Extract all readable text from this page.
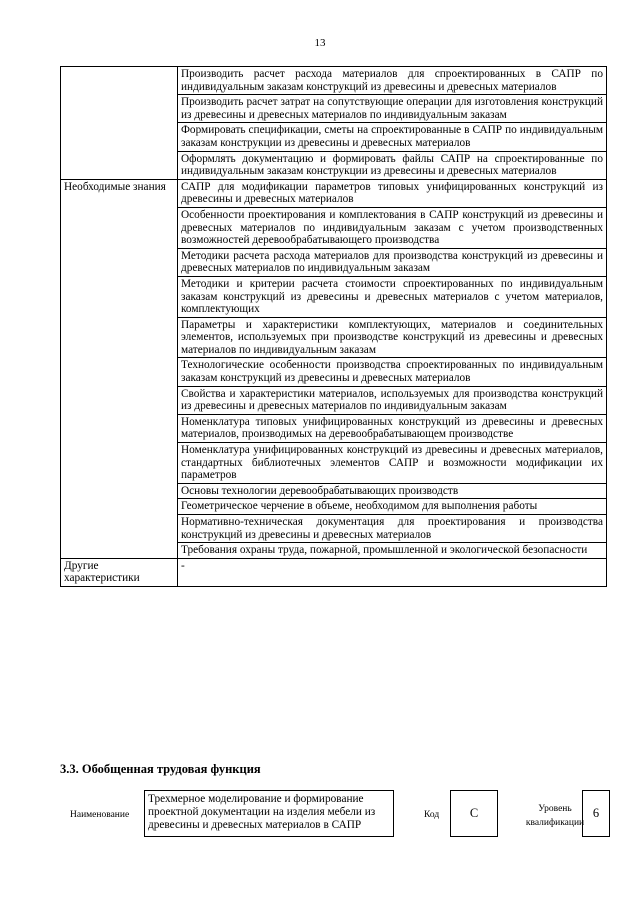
13
	Производить расчет расхода материалов для спроектированных в САПР по индивидуальным заказам конструкций из древесины и древесных материалов
	Производить расчет затрат на сопутствующие операции для изготовления конструкций из древесины и древесных материалов по индивидуальным заказам
	Формировать спецификации, сметы на спроектированные в САПР по индивидуальным заказам конструкции из древесины и древесных материалов
	Оформлять документацию и формировать файлы САПР на спроектированные по индивидуальным заказам конструкции из древесины и древесных материалов
Необходимые знания	САПР для модификации параметров типовых унифицированных конструкций из древесины и древесных материалов
	Особенности проектирования и комплектования в САПР конструкций из древесины и древесных материалов по индивидуальным заказам с учетом производственных возможностей деревообрабатывающего производства
	Методики расчета расхода материалов для производства конструкций из древесины и древесных материалов по индивидуальным заказам
	Методики и критерии расчета стоимости спроектированных по индивидуальным заказам конструкций из древесины и древесных материалов с учетом материалов, комплектующих
	Параметры и характеристики комплектующих, материалов и соединительных элементов, используемых при производстве конструкций из древесины и древесных материалов по индивидуальным заказам
	Технологические особенности производства спроектированных по индивидуальным заказам конструкций из древесины и древесных материалов
	Свойства и характеристики материалов, используемых для производства конструкций из древесины и древесных материалов по индивидуальным заказам
	Номенклатура типовых унифицированных конструкций из древесины и древесных материалов, производимых на деревообрабатывающем производстве
	Номенклатура унифицированных конструкций из древесины и древесных материалов, стандартных библиотечных элементов САПР и возможности модификации их параметров
	Основы технологии деревообрабатывающих производств
	Геометрическое черчение в объеме, необходимом для выполнения работы
	Нормативно-техническая документация для проектирования и производства конструкций из древесины и древесных материалов
	Требования охраны труда, пожарной, промышленной и экологической безопасности
Другие характеристики	-
3.3. Обобщенная трудовая функция
Наименование
Трехмерное моделирование и формирование проектной документации на изделия мебели из древесины и древесных материалов в САПР
Код	C	Уровень квалификации
6
